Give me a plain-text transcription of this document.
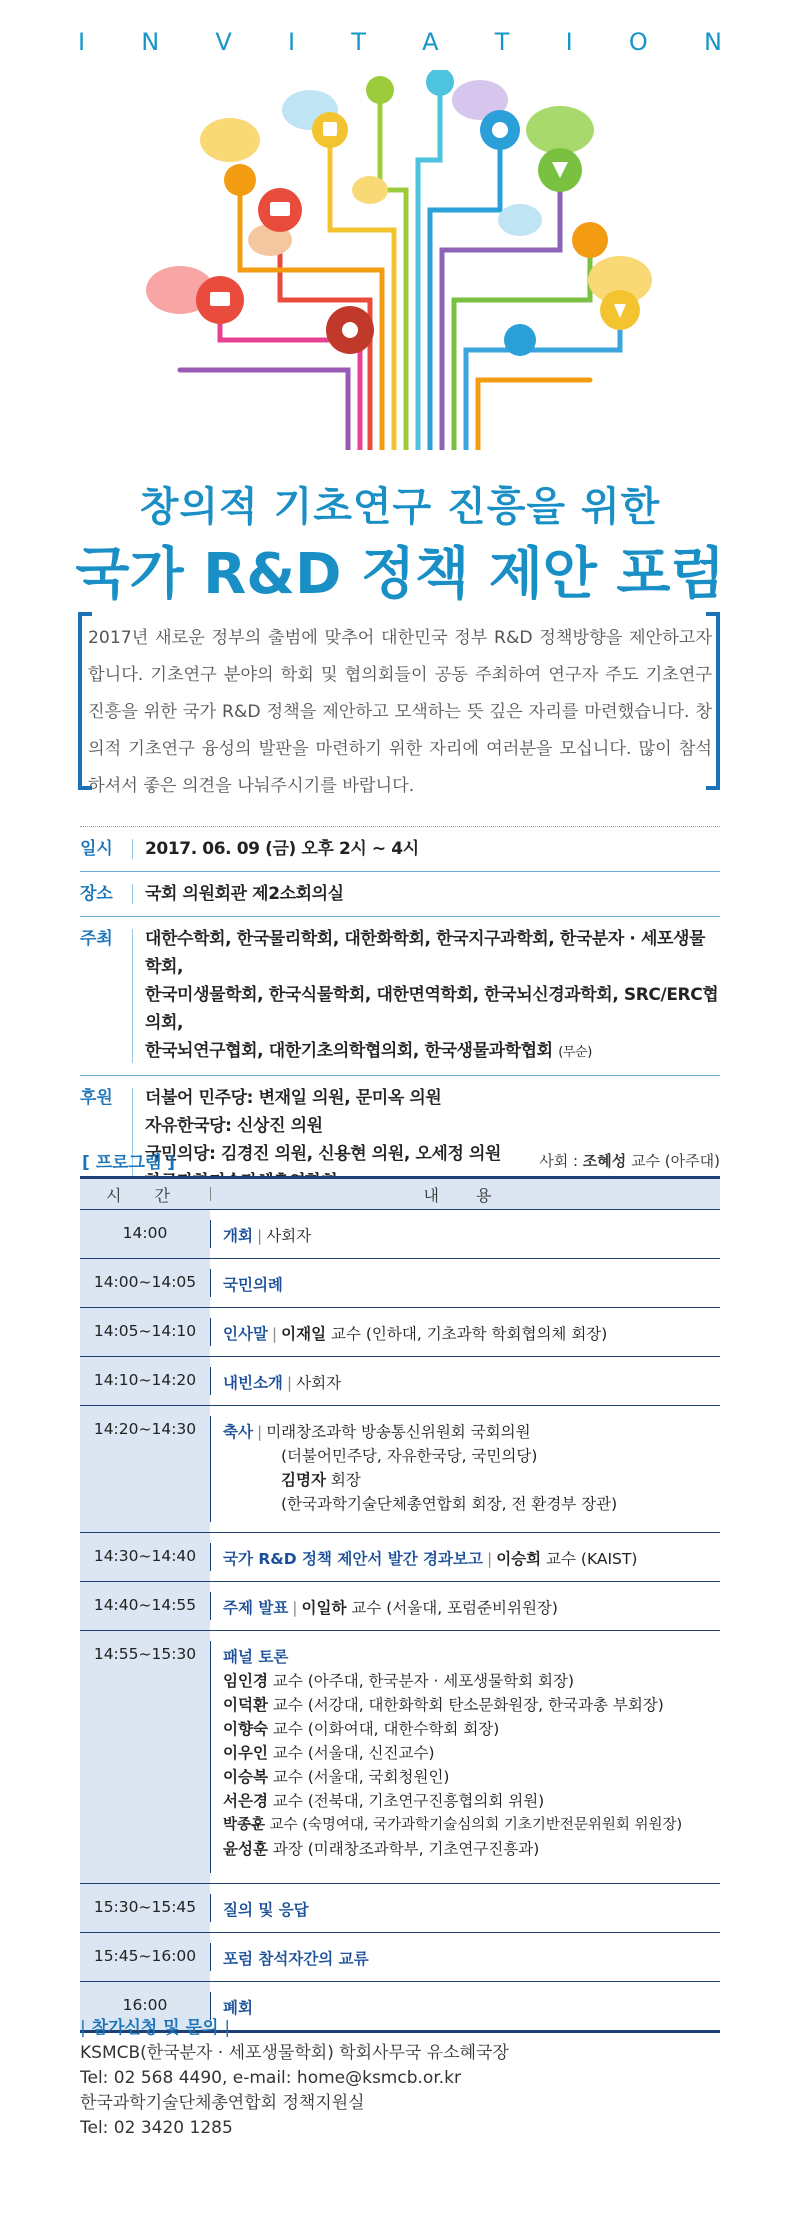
I N V I T A T I O N
창의적 기초연구 진흥을 위한
국가 R&D 정책 제안 포럼
2017년 새로운 정부의 출범에 맞추어 대한민국 정부 R&D 정책방향을 제안하고자 합니다. 기초연구 분야의 학회 및 협의회들이 공동 주최하여 연구자 주도 기초연구 진흥을 위한 국가 R&D 정책을 제안하고 모색하는 뜻 깊은 자리를 마련했습니다. 창의적 기초연구 융성의 발판을 마련하기 위한 자리에 여러분을 모십니다. 많이 참석하셔서 좋은 의견을 나눠주시기를 바랍니다.
일시	2017. 06. 09 (금) 오후 2시 ~ 4시
장소	국회 의원회관 제2소회의실
주최	대한수학회, 한국물리학회, 대한화학회, 한국지구과학회, 한국분자 · 세포생물학회,
한국미생물학회, 한국식물학회, 대한면역학회, 한국뇌신경과학회, SRC/ERC협의회,
한국뇌연구협회, 대한기초의학협의회, 한국생물과학협회 (무순)
후원	더불어 민주당: 변재일 의원, 문미옥 의원
자유한국당: 신상진 의원
국민의당: 김경진 의원, 신용현 의원, 오세정 의원
[ 프로그램 ]	사회 : 조혜성 교수 (아주대)
시 간	내 용
14:00	개회 | 사회자
14:00~14:05	국민의례
14:05~14:10	인사말 | 이재일 교수 (인하대, 기초과학 학회협의체 회장)
14:10~14:20	내빈소개 | 사회자
14:20~14:30	축사 | 미래창조과학 방송통신위원회 국회의원
(더불어민주당, 자유한국당, 국민의당)
김명자 회장
(한국과학기술단체총연합회 회장, 전 환경부 장관)
14:30~14:40	국가 R&D 정책 제안서 발간 경과보고 | 이승희 교수 (KAIST)
14:40~14:55	주제 발표 | 이일하 교수 (서울대, 포럼준비위원장)
14:55~15:30	패널 토론
임인경 교수 (아주대, 한국분자 · 세포생물학회 회장)
이덕환 교수 (서강대, 대한화학회 탄소문화원장, 한국과총 부회장)
이향숙 교수 (이화여대, 대한수학회 회장)
이우인 교수 (서울대, 신진교수)
이승복 교수 (서울대, 국회청원인)
서은경 교수 (전북대, 기초연구진흥협의회 위원)
박종훈 교수 (숙명여대, 국가과학기술심의회 기초기반전문위원회 위원장)
윤성훈 과장 (미래창조과학부, 기초연구진흥과)
15:30~15:45	질의 및 응답
15:45~16:00	포럼 참석자간의 교류
16:00	폐회
| 참가신청 및 문의 |
KSMCB(한국분자 · 세포생물학회) 학회사무국 유소혜국장
Tel: 02 568 4490, e-mail: home@ksmcb.or.kr
한국과학기술단체총연합회 정책지원실
Tel: 02 3420 1285
